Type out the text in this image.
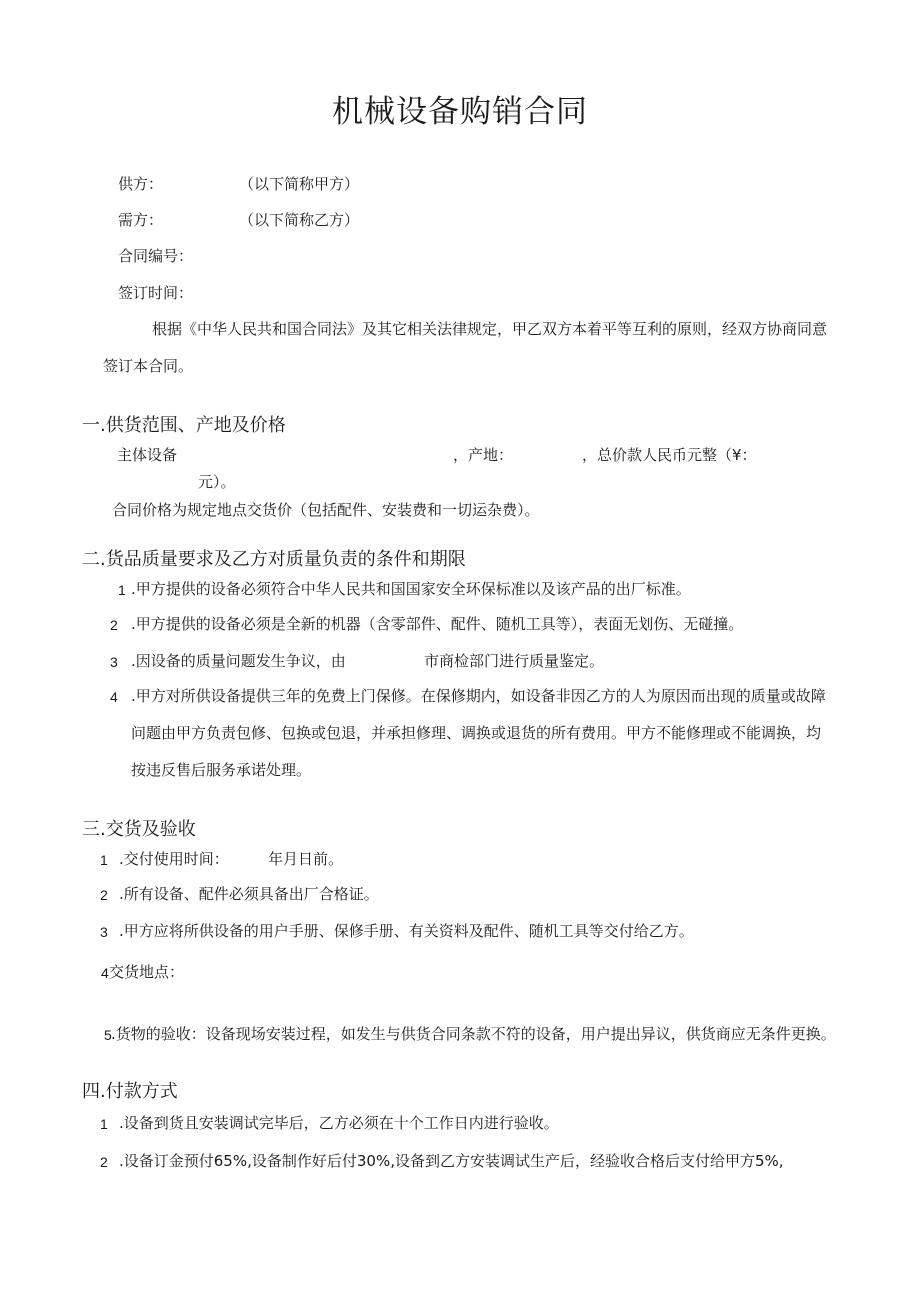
机械设备购销合同
供方：	（以下简称甲方）
需方：	（以下简称乙方）
合同编号：
签订时间：
根据《中华人民共和国合同法》及其它相关法律规定，甲乙双方本着平等互利的原则，经双方协商同意
签订本合同。
一.供货范围、产地及价格
主体设备	，产地：	，总价款人民币元整（¥：
元）。
合同价格为规定地点交货价（包括配件、安装费和一切运杂费）。
二.货品质量要求及乙方对质量负责的条件和期限
1 .甲方提供的设备必须符合中华人民共和国国家安全环保标准以及该产品的出厂标准。
2 .甲方提供的设备必须是全新的机器（含零部件、配件、随机工具等），表面无划伤、无碰撞。
3 .因设备的质量问题发生争议，由	市商检部门进行质量鉴定。
4 .甲方对所供设备提供三年的免费上门保修。在保修期内，如设备非因乙方的人为原因而出现的质量或故障
问题由甲方负责包修、包换或包退，并承担修理、调换或退货的所有费用。甲方不能修理或不能调换，均
按违反售后服务承诺处理。
三.交货及验收
1 .交付使用时间：	年月日前。
2 .所有设备、配件必须具备出厂合格证。
3 .甲方应将所供设备的用户手册、保修手册、有关资料及配件、随机工具等交付给乙方。
4 交货地点：
5 .货物的验收：设备现场安装过程，如发生与供货合同条款不符的设备，用户提出异议，供货商应无条件更换。
四.付款方式
1 .设备到货且安装调试完毕后，乙方必须在十个工作日内进行验收。
2 .设备订金预付65%,设备制作好后付30%,设备到乙方安装调试生产后，经验收合格后支付给甲方5%,
